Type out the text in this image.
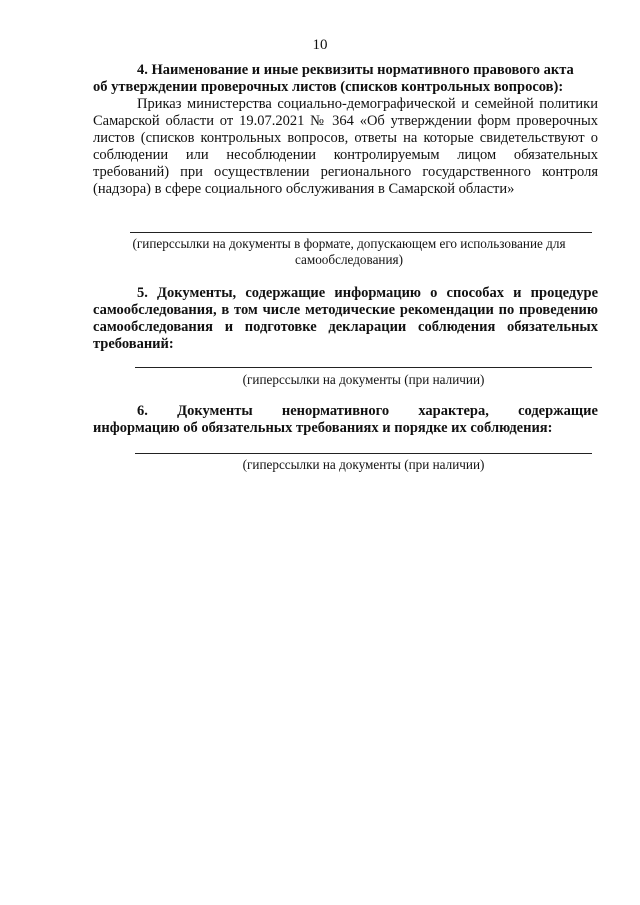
10
4. Наименование и иные реквизиты нормативного правового акта
об утверждении проверочных листов (списков контрольных вопросов):
Приказ министерства социально-демографической и семейной политики Самарской области от 19.07.2021 № 364 «Об утверждении форм проверочных листов (списков контрольных вопросов, ответы на которые свидетельствуют о соблюдении или несоблюдении контролируемым лицом обязательных требований) при осуществлении регионального государственного контроля (надзора) в сфере социального обслуживания в Самарской области»
(гиперссылки на документы в формате, допускающем его использование для
самообследования)
5. Документы, содержащие информацию о способах и процедуре самообследования, в том числе методические рекомендации по проведению самообследования и подготовке декларации соблюдения обязательных требований:
(гиперссылки на документы (при наличии)
6. Документы ненормативного характера, содержащие
информацию об обязательных требованиях и порядке их соблюдения:
(гиперссылки на документы (при наличии)
